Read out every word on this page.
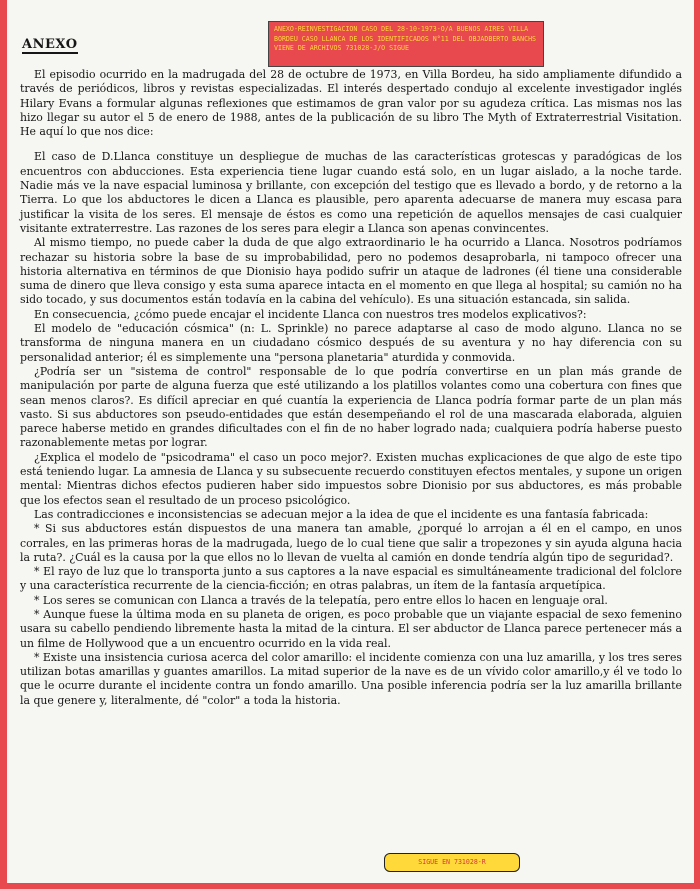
ANEXO
ANEXO-REINVESTIGACION CASO DEL 28-10-1973-O/A BUENOS AIRES VILLA BORDEU CASO LLANCA DE LOS IDENTIFICADOS N°11 DEL OBJADBERTO BANCHS VIENE DE ARCHIVOS 731028-J/O SIGUE

El episodio ocurrido en la madrugada del 28 de octubre de 1973, en Villa Bordeu, ha sido ampliamente difundido a través de periódicos, libros y revistas especializadas. El interés despertado condujo al excelente investigador inglés Hilary Evans a formular algunas reflexiones que estimamos de gran valor por su agudeza crítica. Las mismas nos las hizo llegar su autor el 5 de enero de 1988, antes de la publicación de su libro The Myth of Extraterrestrial Visitation. He aquí lo que nos dice:

El caso de D.Llanca constituye un despliegue de muchas de las características grotescas y paradógicas de los encuentros con abducciones. Esta experiencia tiene lugar cuando está solo, en un lugar aislado, a la noche tarde. Nadie más ve la nave espacial luminosa y brillante, con excepción del testigo que es llevado a bordo, y de retorno a la Tierra. Lo que los abductores le dicen a Llanca es plausible, pero aparenta adecuarse de manera muy escasa para justificar la visita de los seres. El mensaje de éstos es como una repetición de aquellos mensajes de casi cualquier visitante extraterrestre. Las razones de los seres para elegir a Llanca son apenas convincentes.

Al mismo tiempo, no puede caber la duda de que algo extraordinario le ha ocurrido a Llanca. Nosotros podríamos rechazar su historia sobre la base de su improbabilidad, pero no podemos desaprobarla, ni tampoco ofrecer una historia alternativa en términos de que Dionisio haya podido sufrir un ataque de ladrones (él tiene una considerable suma de dinero que lleva consigo y esta suma aparece intacta en el momento en que llega al hospital; su camión no ha sido tocado, y sus documentos están todavía en la cabina del vehículo). Es una situación estancada, sin salida.

En consecuencia, ¿cómo puede encajar el incidente Llanca con nuestros tres modelos explicativos?:

El modelo de "educación cósmica" (n: L. Sprinkle) no parece adaptarse al caso de modo alguno. Llanca no se transforma de ninguna manera en un ciudadano cósmico después de su aventura y no hay diferencia con su personalidad anterior; él es simplemente una "persona planetaria" aturdida y conmovida.

¿Podría ser un "sistema de control" responsable de lo que podría convertirse en un plan más grande de manipulación por parte de alguna fuerza que esté utilizando a los platillos volantes como una cobertura con fines que sean menos claros?. Es difícil apreciar en qué cuantía la experiencia de Llanca podría formar parte de un plan más vasto. Si sus abductores son pseudo-entidades que están desempeñando el rol de una mascarada elaborada, alguien parece haberse metido en grandes dificultades con el fin de no haber logrado nada; cualquiera podría haberse puesto razonablemente metas por lograr.

¿Explica el modelo de "psicodrama" el caso un poco mejor?. Existen muchas explicaciones de que algo de este tipo está teniendo lugar. La amnesia de Llanca y su subsecuente recuerdo constituyen efectos mentales, y supone un origen mental: Mientras dichos efectos pudieren haber sido impuestos sobre Dionisio por sus abductores, es más probable que los efectos sean el resultado de un proceso psicológico.

Las contradicciones e inconsistencias se adecuan mejor a la idea de que el incidente es una fantasía fabricada:

* Si sus abductores están dispuestos de una manera tan amable, ¿porqué lo arrojan a él en el campo, en unos corrales, en las primeras horas de la madrugada, luego de lo cual tiene que salir a tropezones y sin ayuda alguna hacia la ruta?. ¿Cuál es la causa por la que ellos no lo llevan de vuelta al camión en donde tendría algún tipo de seguridad?.

* El rayo de luz que lo transporta junto a sus captores a la nave espacial es simultáneamente tradicional del folclore y una característica recurrente de la ciencia-ficción; en otras palabras, un ítem de la fantasía arquetípica.

* Los seres se comunican con Llanca a través de la telepatía, pero entre ellos lo hacen en lenguaje oral.

* Aunque fuese la última moda en su planeta de origen, es poco probable que un viajante espacial de sexo femenino usara su cabello pendiendo libremente hasta la mitad de la cintura. El ser abductor de Llanca parece pertenecer más a un filme de Hollywood que a un encuentro ocurrido en la vida real.

* Existe una insistencia curiosa acerca del color amarillo: el incidente comienza con una luz amarilla, y los tres seres utilizan botas amarillas y guantes amarillos. La mitad superior de la nave es de un vívido color amarillo,y él ve todo lo que le ocurre durante el incidente contra un fondo amarillo. Una posible inferencia podría ser la luz amarilla brillante la que genere y, literalmente, dé "color" a toda la historia.

SIGUE EN 731028-R
